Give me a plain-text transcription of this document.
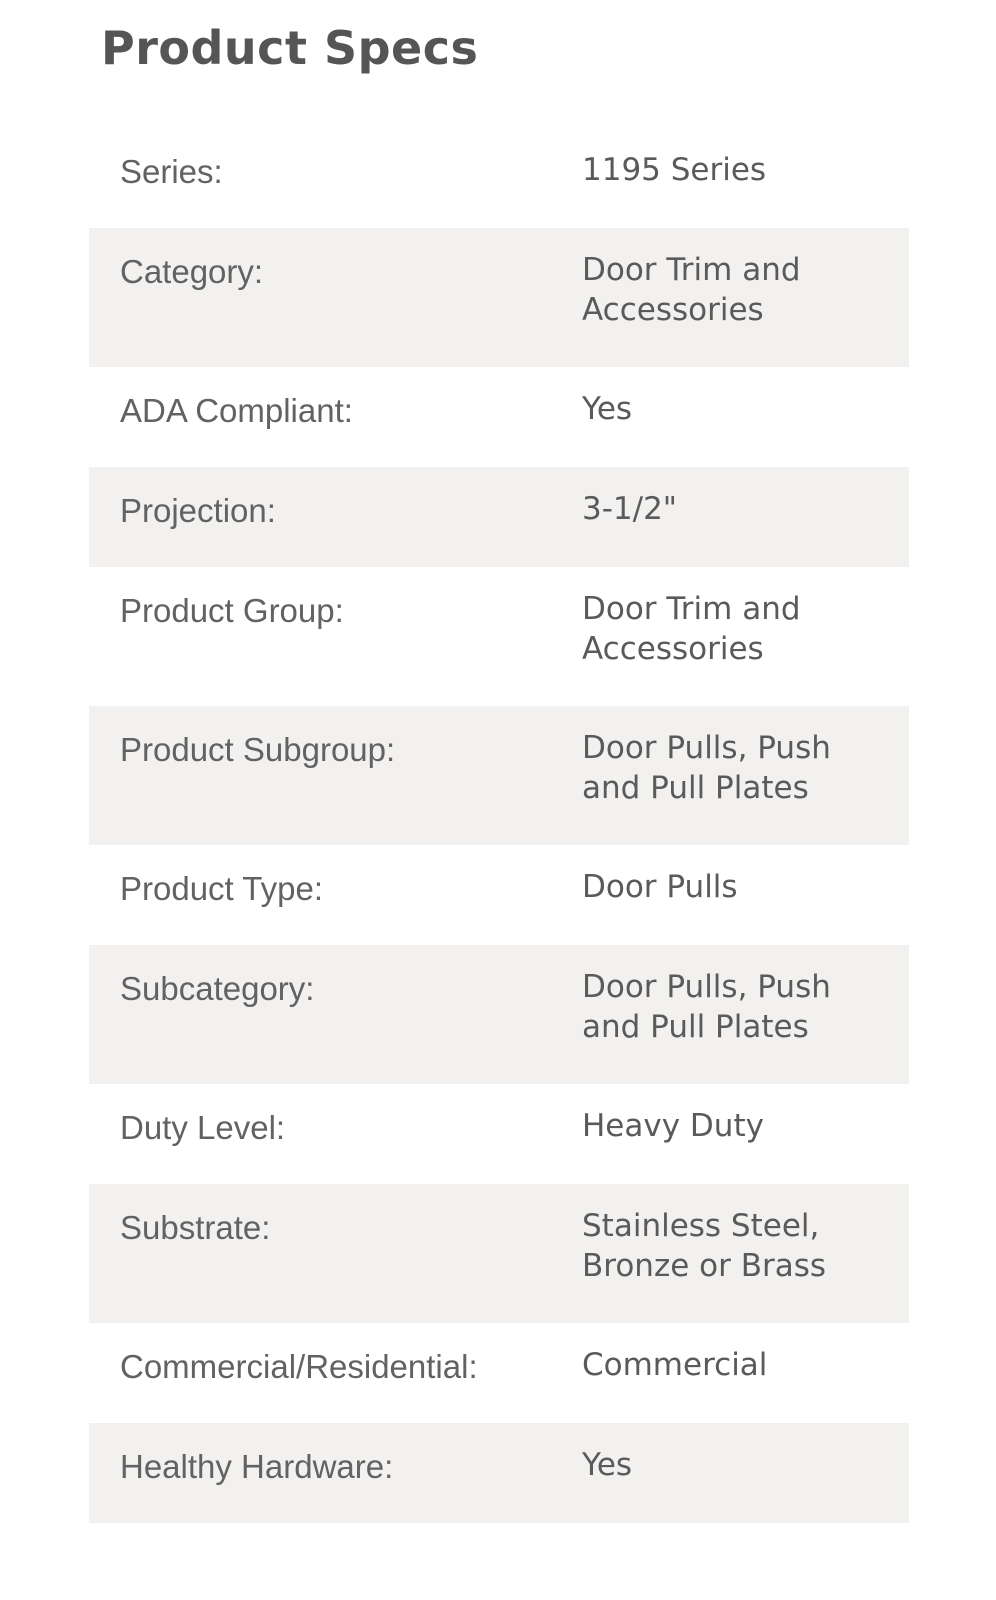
Product Specs
Series:	1195 Series
Category:	Door Trim and Accessories
ADA Compliant:	Yes
Projection:	3-1/2"
Product Group:	Door Trim and Accessories
Product Subgroup:	Door Pulls, Push and Pull Plates
Product Type:	Door Pulls
Subcategory:	Door Pulls, Push and Pull Plates
Duty Level:	Heavy Duty
Substrate:	Stainless Steel, Bronze or Brass
Commercial/Residential:	Commercial
Healthy Hardware:	Yes
